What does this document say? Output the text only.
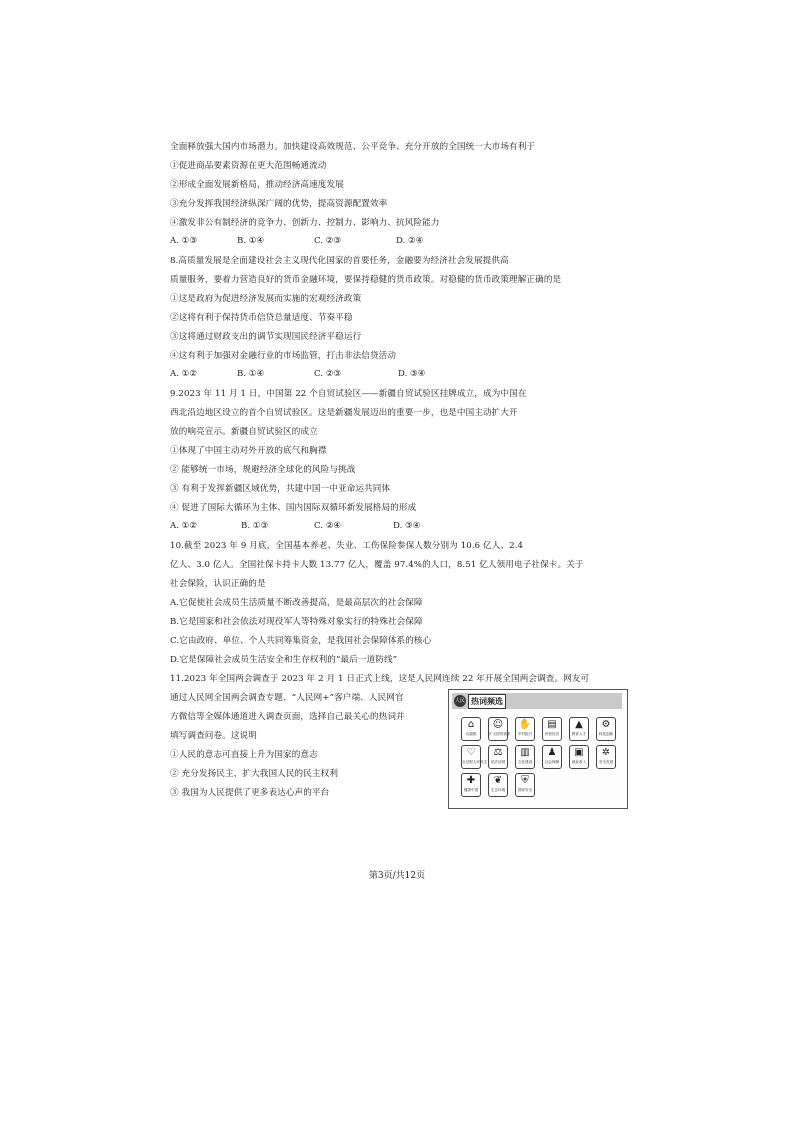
全面释放强大国内市场潜力。加快建设高效规范、公平竞争、充分开放的全国统一大市场有利于
①促进商品要素资源在更大范围畅通流动
②形成全面发展新格局，推动经济高速度发展
③充分发挥我国经济纵深广阔的优势，提高资源配置效率
④激发非公有制经济的竞争力、创新力、控制力、影响力、抗风险能力
A. ①③	B. ①④	C. ②③	D. ②④
8.高质量发展是全面建设社会主义现代化国家的首要任务，金融要为经济社会发展提供高
质量服务，要着力营造良好的货币金融环境，要保持稳健的货币政策。对稳健的货币政策理解正确的是
①这是政府为促进经济发展而实施的宏观经济政策
②这将有利于保持货币信贷总量适度、节奏平稳
③这将通过财政支出的调节实现国民经济平稳运行
④这有利于加强对金融行业的市场监管，打击非法信贷活动
A. ①②	B. ①④	C. ②③	D. ③④
9.2023 年 11 月 1 日，中国第 22 个自贸试验区——新疆自贸试验区挂牌成立，成为中国在
西北沿边地区设立的首个自贸试验区。这是新疆发展迈出的重要一步，也是中国主动扩大开
放的响亮宣示。新疆自贸试验区的成立
①体现了中国主动对外开放的底气和胸襟
② 能够统一市场，规避经济全球化的风险与挑战
③ 有利于发挥新疆区域优势，共建中国一中亚命运共同体
④ 促进了国际大循环为主体、国内国际双循环新发展格局的形成
A. ①②	B. ①③	C. ②④	D. ③④
10.截至 2023 年 9 月底，全国基本养老、失业、工伤保险参保人数分别为 10.6 亿人、2.4
亿人、3.0 亿人。全国社保卡持卡人数 13.77 亿人，覆盖 97.4%的人口，8.51 亿人领用电子社保卡。关于
社会保险，认识正确的是
A.它促使社会成员生活质量不断改善提高，是最高层次的社会保障
B.它是国家和社会依法对现役军人等特殊对象实行的特殊社会保障
C.它由政府、单位、个人共同筹集资金，是我国社会保障体系的核心
D.它是保障社会成员生活安全和生存权利的“最后一道防线”
11.2023 年全国两会调查于 2023 年 2 月 1 日正式上线，这是人民网连续 22 年开展全国两会调查。网友可
通过人民网全国两会调查专题、“人民网+”客户端、人民网官
方微信等全媒体通道进入调查页面，选择自己最关心的热词并
填写调查问卷。这说明
①人民的意志可直接上升为国家的意志
② 充分发扬民主，扩大我国人民的民主权利
③ 我国为人民提供了更多表达心声的平台
人民网
热词频选
⌂
反腐败
☺
扩大国内需求
✋
乡村振兴
▤
民营经济
▲
教育人才
⚙
科技创新
♡
全过程人民民主
⚖
依法治国
▥
文化建设
♟
社会保障
▣
就业收入
✲
安全发展
✚
健康中国
❦
生态环境
⛨
国家安全
第3页/共12页
